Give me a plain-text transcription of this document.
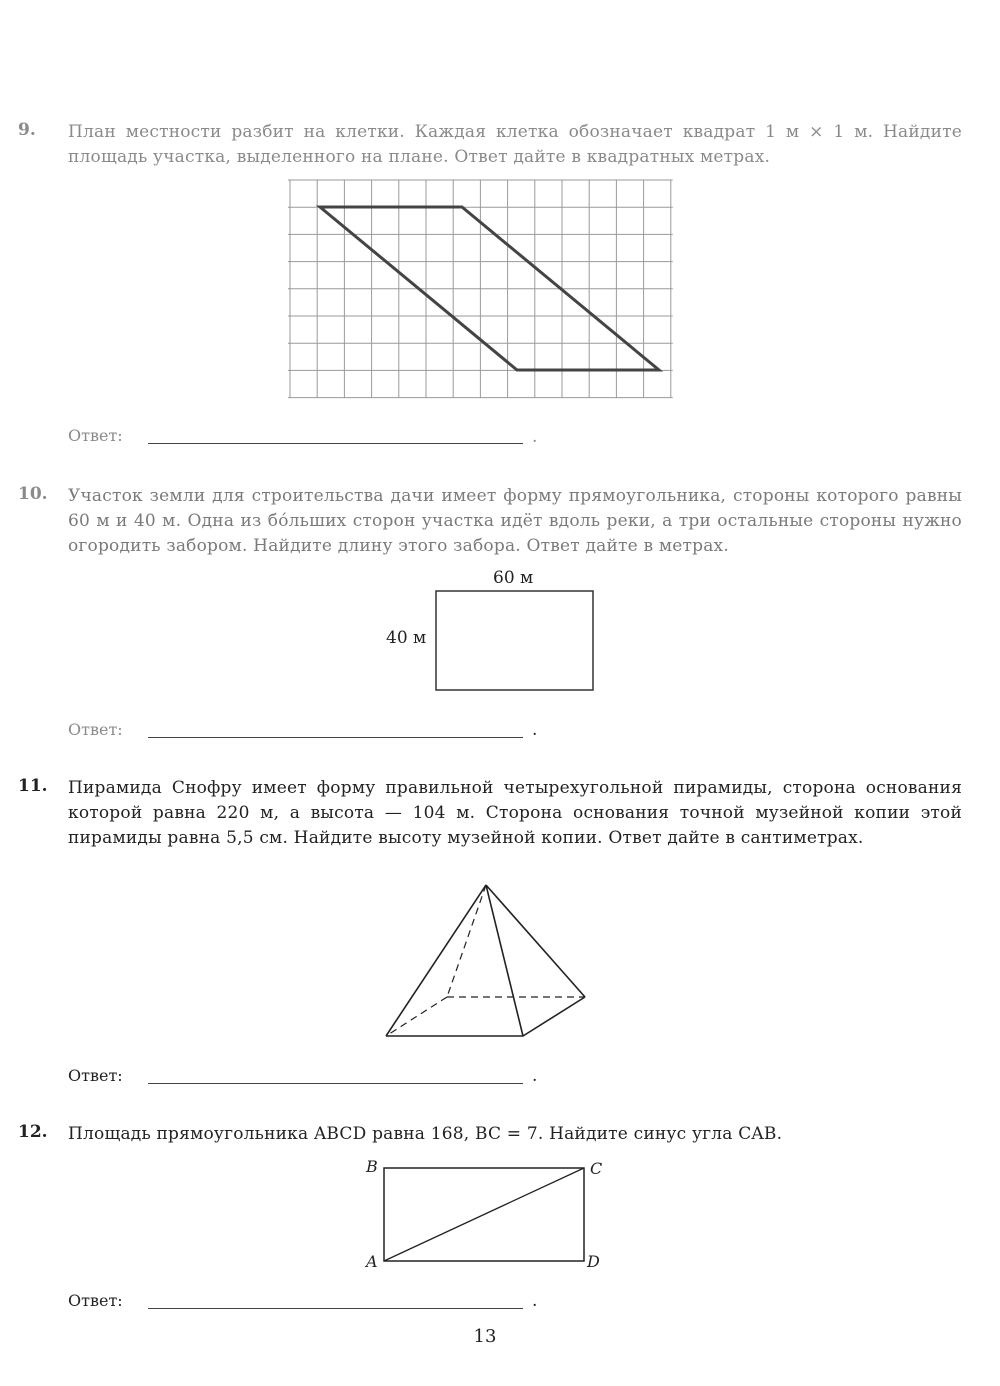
9. План местности разбит на клетки. Каждая клетка обозначает квадрат 1 м × 1 м. Найдите площадь участка, выделенного на плане. Ответ дайте в квадратных метрах.
Ответ:	.
10. Участок земли для строительства дачи имеет форму прямоугольника, стороны которого равны 60 м и 40 м. Одна из бо́льших сторон участка идёт вдоль реки, а три остальные стороны нужно огородить забором. Найдите длину этого забора. Ответ дайте в метрах.
60 м
40 м
Ответ:	.
11. Пирамида Снофру имеет форму правильной четырехугольной пирамиды, сторона основания которой равна 220 м, а высота — 104 м. Сторона основания точной музейной копии этой пирамиды равна 5,5 см. Найдите высоту музейной копии. Ответ дайте в сантиметрах.
Ответ:	.
12. Площадь прямоугольника ABCD равна 168, BC = 7. Найдите синус угла CAB.
B	C
A	D
Ответ:	.
13
